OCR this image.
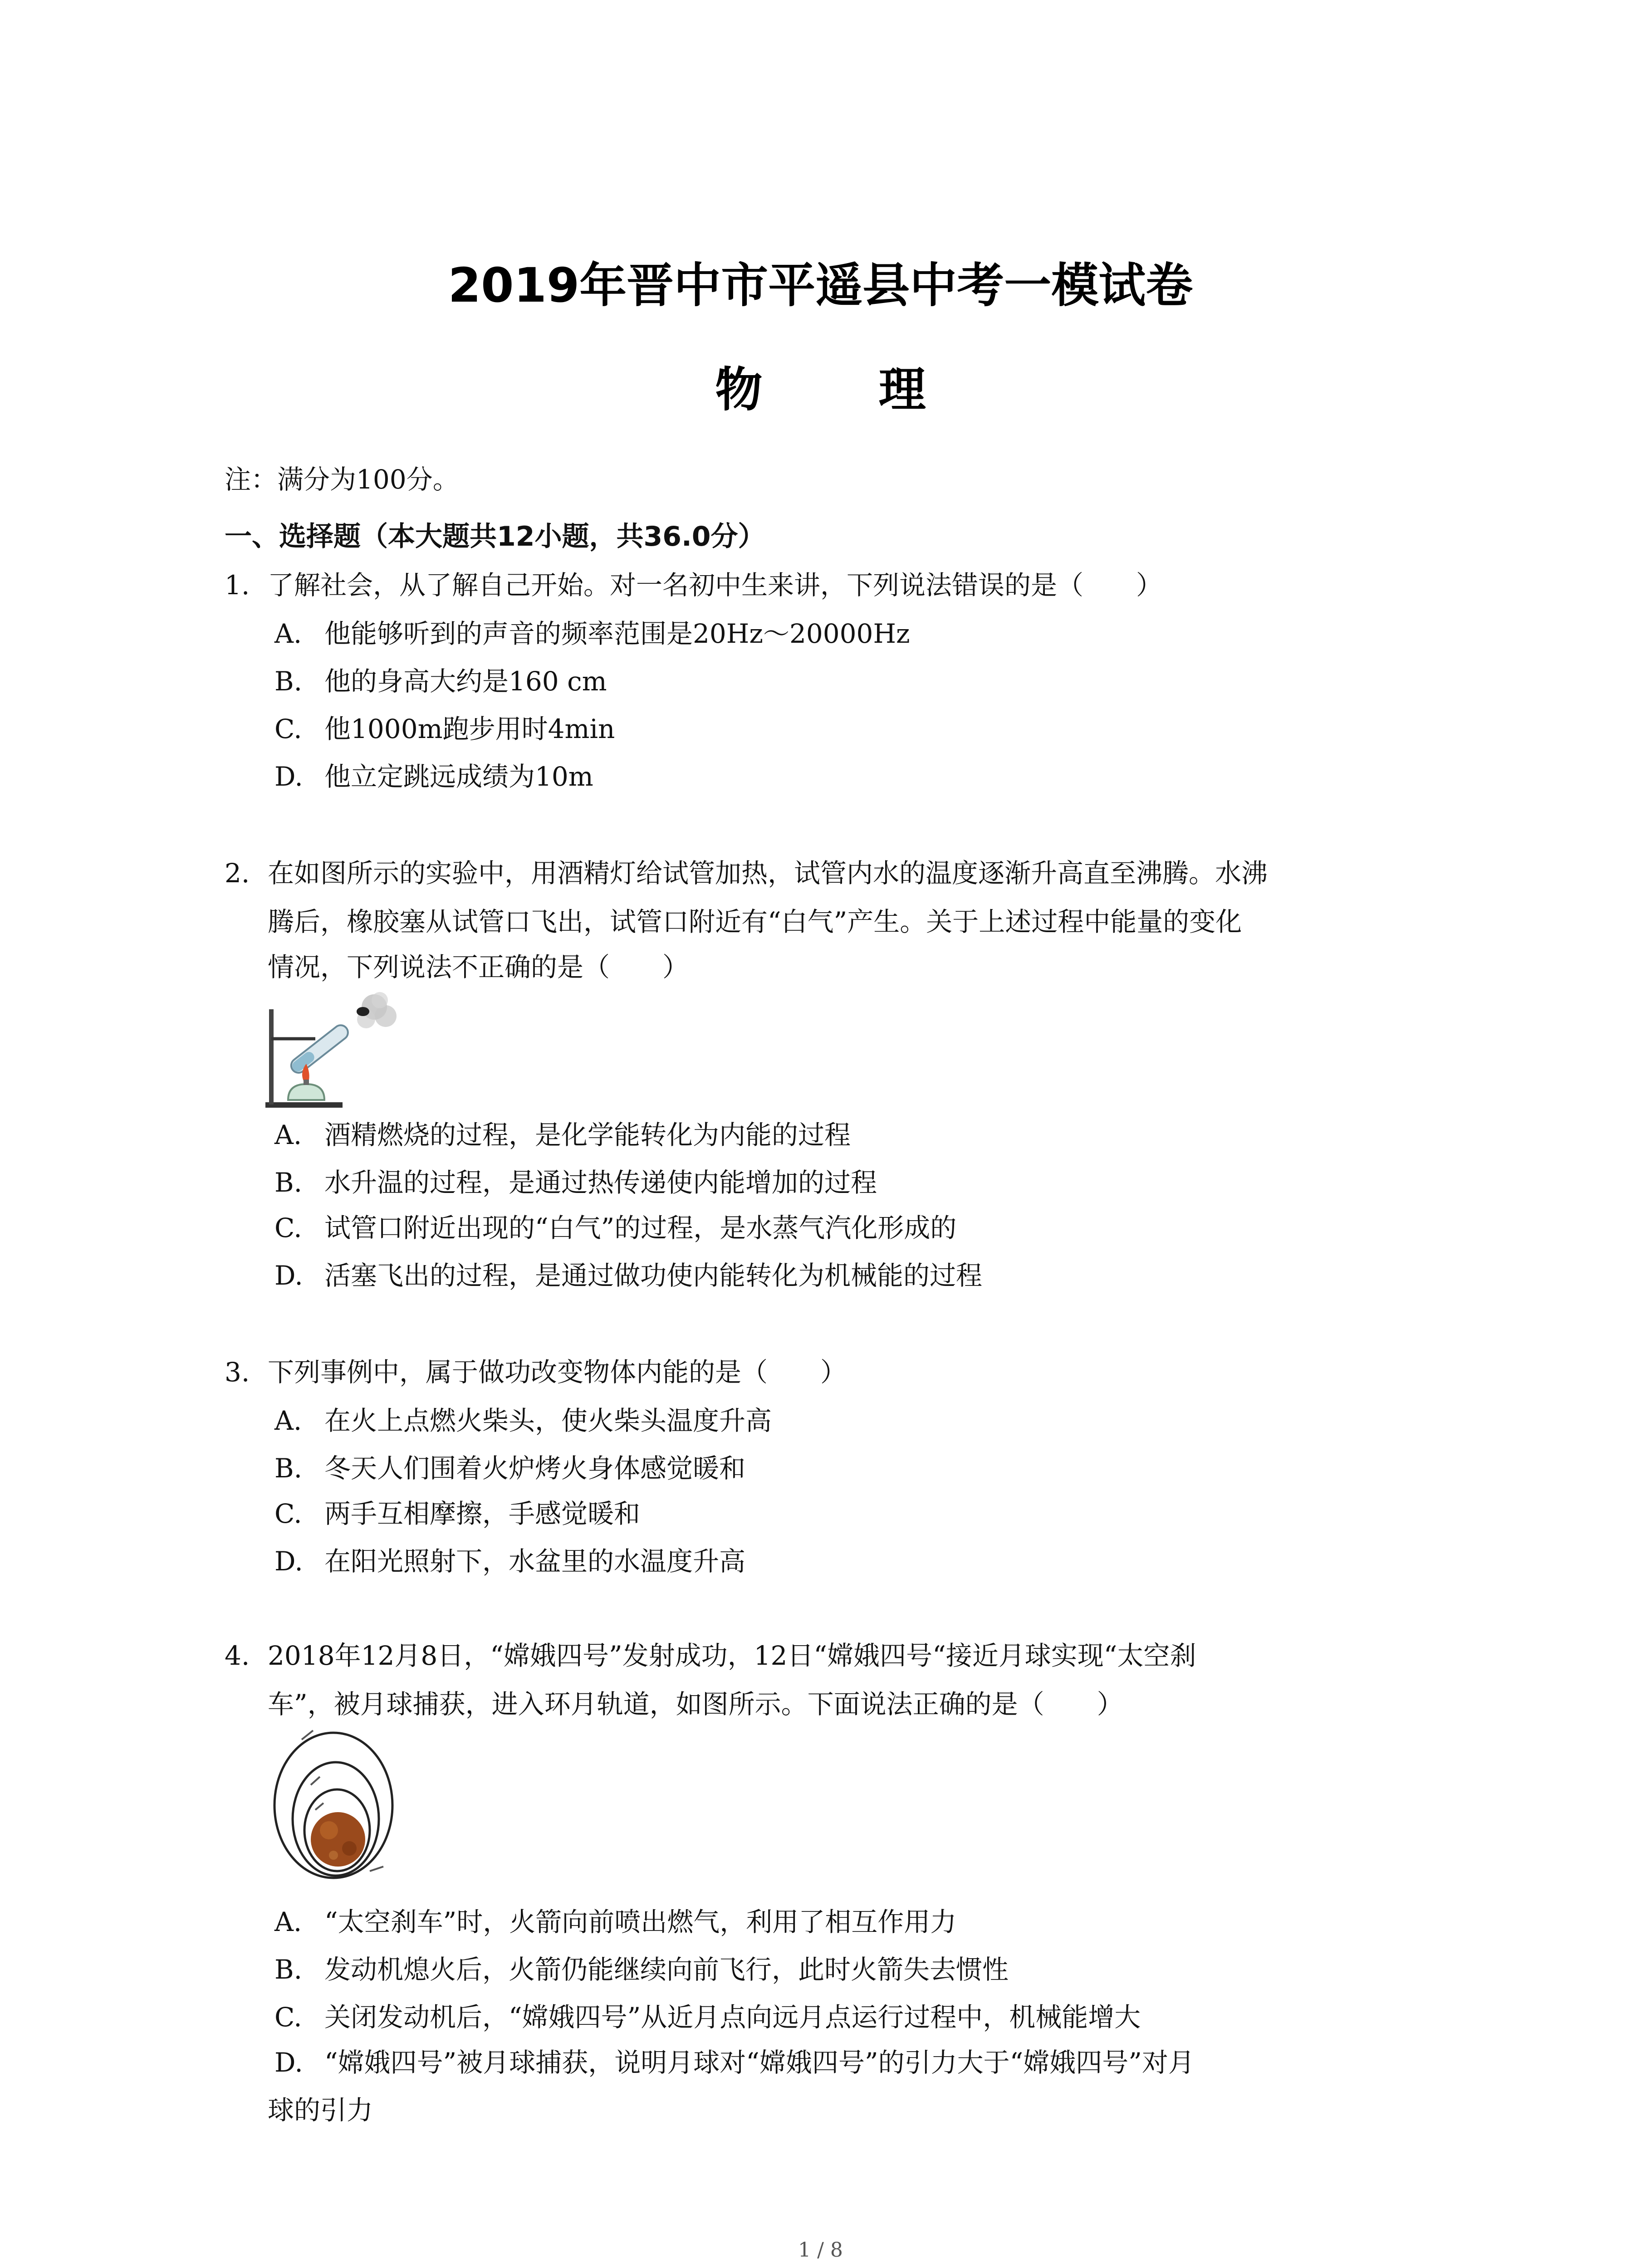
2019年晋中市平遥县中考一模试卷
物 理
注：满分为100分。
一、选择题（本大题共12小题，共36.0分）
1. 了解社会，从了解自己开始。对一名初中生来讲，下列说法错误的是（　　）
A. 他能够听到的声音的频率范围是20Hz～20000Hz
B. 他的身高大约是160 cm
C. 他1000m跑步用时4min
D. 他立定跳远成绩为10m
2. 在如图所示的实验中，用酒精灯给试管加热，试管内水的温度逐渐升高直至沸腾。水沸
腾后，橡胶塞从试管口飞出，试管口附近有“白气”产生。关于上述过程中能量的变化
情况，下列说法不正确的是（　　）
A. 酒精燃烧的过程，是化学能转化为内能的过程
B. 水升温的过程，是通过热传递使内能增加的过程
C. 试管口附近出现的“白气”的过程，是水蒸气汽化形成的
D. 活塞飞出的过程，是通过做功使内能转化为机械能的过程
3. 下列事例中，属于做功改变物体内能的是（　　）
A. 在火上点燃火柴头，使火柴头温度升高
B. 冬天人们围着火炉烤火身体感觉暖和
C. 两手互相摩擦，手感觉暖和
D. 在阳光照射下，水盆里的水温度升高
4. 2018年12月8日，“嫦娥四号”发射成功，12日“嫦娥四号“接近月球实现“太空刹
车”，被月球捕获，进入环月轨道，如图所示。下面说法正确的是（　　）
A. “太空刹车”时，火箭向前喷出燃气，利用了相互作用力
B. 发动机熄火后，火箭仍能继续向前飞行，此时火箭失去惯性
C. 关闭发动机后，“嫦娥四号”从近月点向远月点运行过程中，机械能增大
D. “嫦娥四号”被月球捕获，说明月球对“嫦娥四号”的引力大于“嫦娥四号”对月
球的引力
1 / 8
